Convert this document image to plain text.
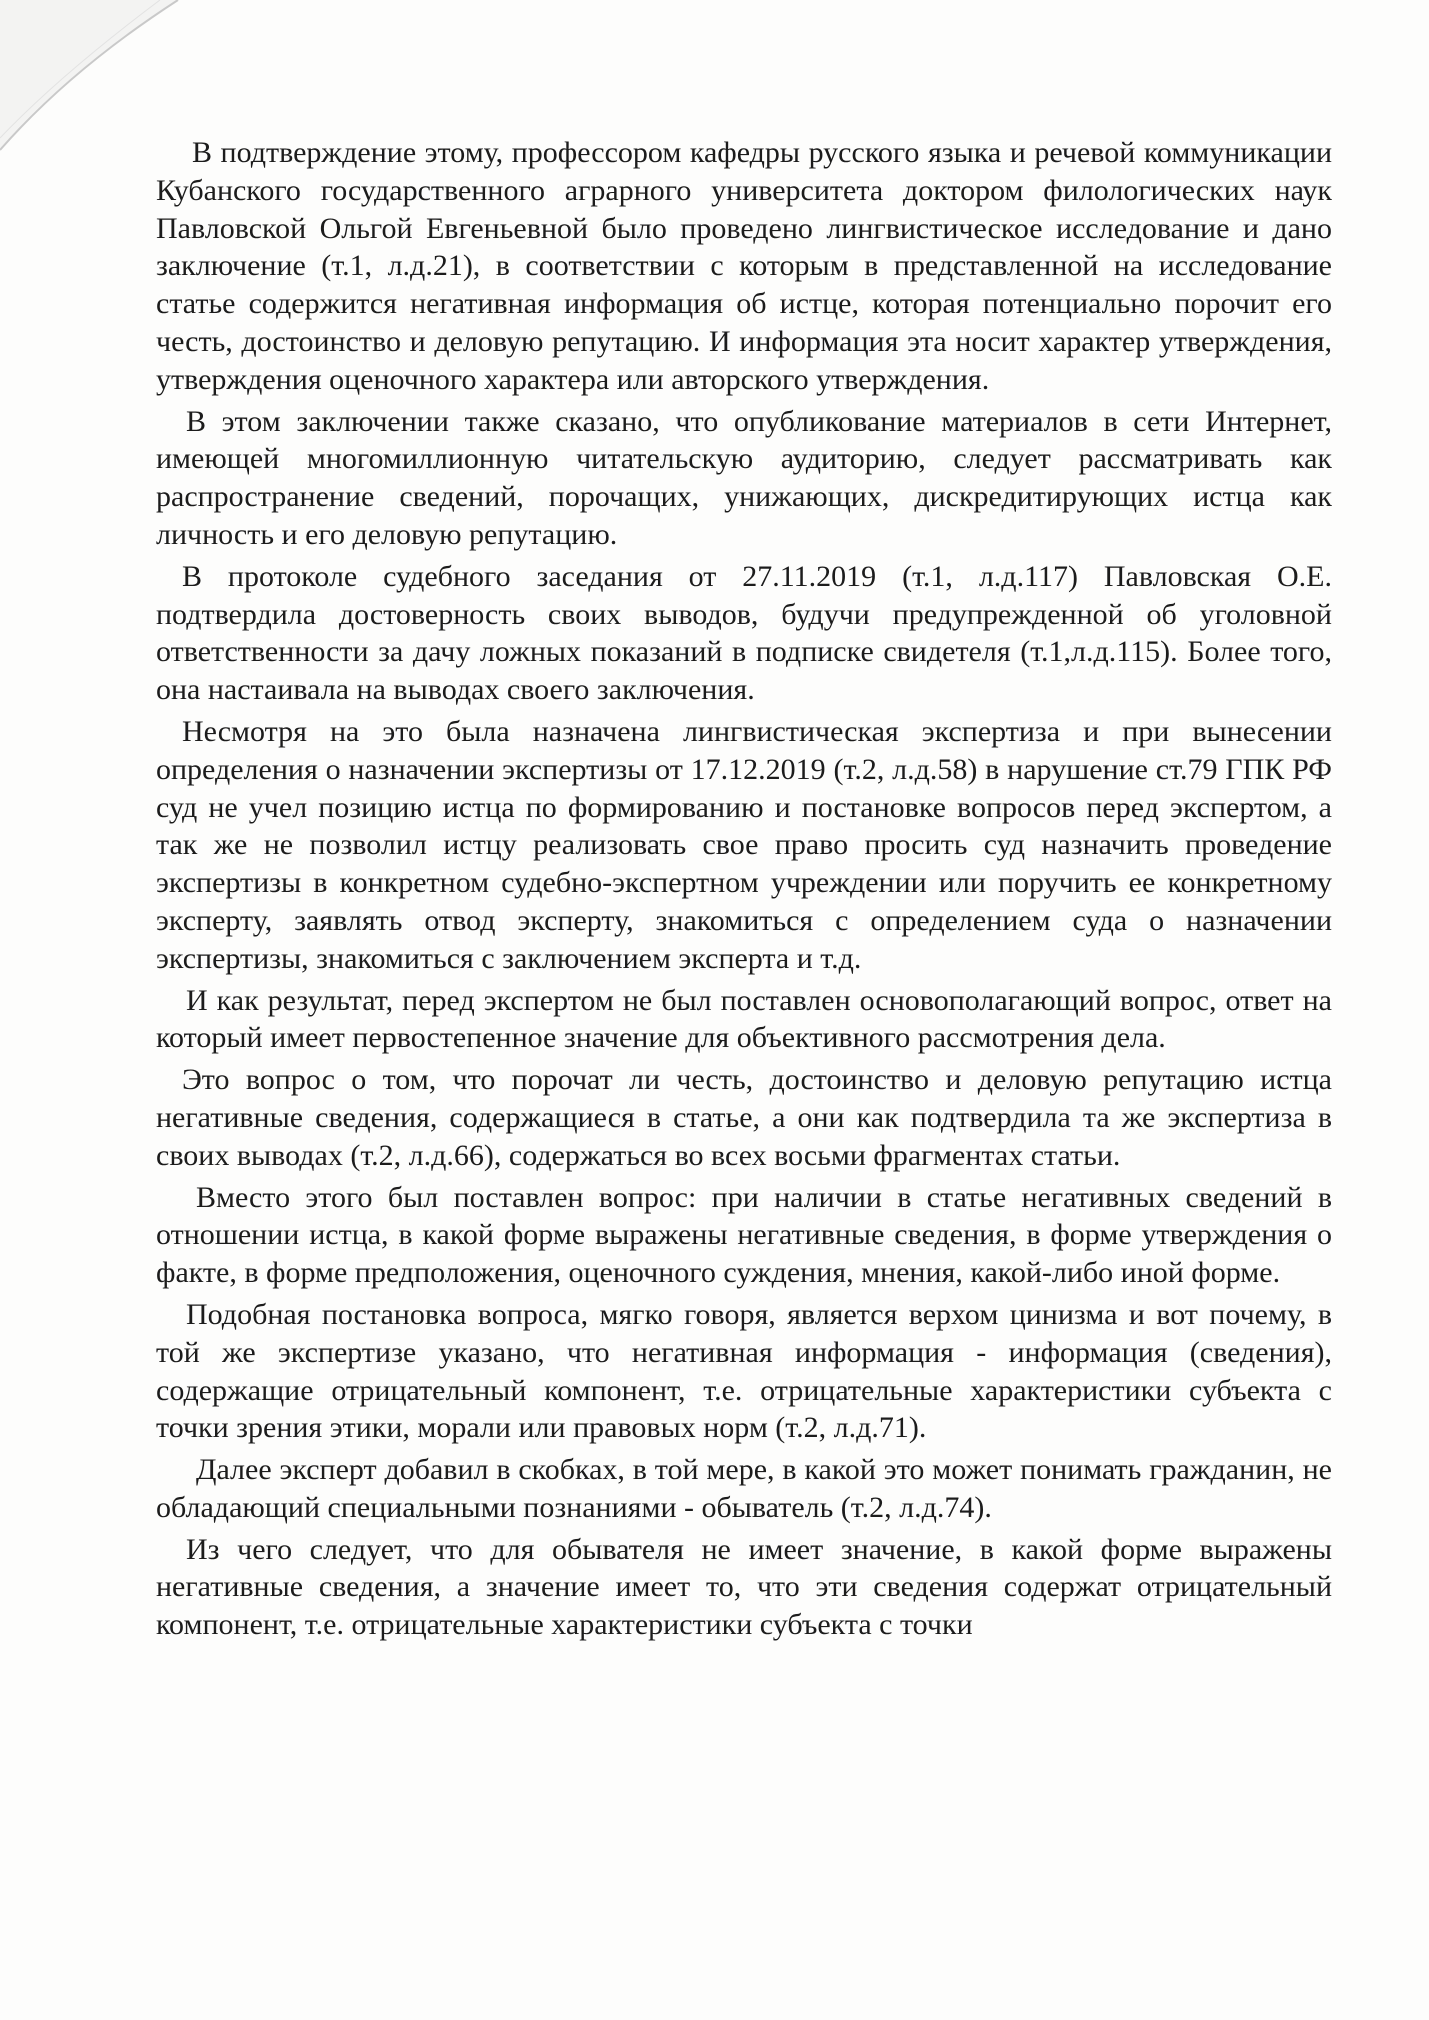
В подтверждение этому, профессором кафедры русского языка и речевой коммуникации Кубанского государственного аграрного университета доктором филологических наук Павловской Ольгой Евгеньевной было проведено лингвистическое исследование и дано заключение (т.1, л.д.21), в соответствии с которым в представленной на исследование статье содержится негативная информация об истце, которая потенциально порочит его честь, достоинство и деловую репутацию. И информация эта носит характер утверждения, утверждения оценочного характера или авторского утверждения.

В этом заключении также сказано, что опубликование материалов в сети Интернет, имеющей многомиллионную читательскую аудиторию, следует рассматривать как распространение сведений, порочащих, унижающих, дискредитирующих истца как личность и его деловую репутацию.

В протоколе судебного заседания от 27.11.2019 (т.1, л.д.117) Павловская О.Е. подтвердила достоверность своих выводов, будучи предупрежденной об уголовной ответственности за дачу ложных показаний в подписке свидетеля (т.1,л.д.115). Более того, она настаивала на выводах своего заключения.

Несмотря на это была назначена лингвистическая экспертиза и при вынесении определения о назначении экспертизы от 17.12.2019 (т.2, л.д.58) в нарушение ст.79 ГПК РФ суд не учел позицию истца по формированию и постановке вопросов перед экспертом, а так же не позволил истцу реализовать свое право просить суд назначить проведение экспертизы в конкретном судебно-экспертном учреждении или поручить ее конкретному эксперту, заявлять отвод эксперту, знакомиться с определением суда о назначении экспертизы, знакомиться с заключением эксперта и т.д.

И как результат, перед экспертом не был поставлен основополагающий вопрос, ответ на который имеет первостепенное значение для объективного рассмотрения дела.

Это вопрос о том, что порочат ли честь, достоинство и деловую репутацию истца негативные сведения, содержащиеся в статье, а они как подтвердила та же экспертиза в своих выводах (т.2, л.д.66), содержаться во всех восьми фрагментах статьи.

Вместо этого был поставлен вопрос: при наличии в статье негативных сведений в отношении истца, в какой форме выражены негативные сведения, в форме утверждения о факте, в форме предположения, оценочного суждения, мнения, какой-либо иной форме.

Подобная постановка вопроса, мягко говоря, является верхом цинизма и вот почему, в той же экспертизе указано, что негативная информация - информация (сведения), содержащие отрицательный компонент, т.е. отрицательные характеристики субъекта с точки зрения этики, морали или правовых норм (т.2, л.д.71).

Далее эксперт добавил в скобках, в той мере, в какой это может понимать гражданин, не обладающий специальными познаниями - обыватель (т.2, л.д.74).

Из чего следует, что для обывателя не имеет значение, в какой форме выражены негативные сведения, а значение имеет то, что эти сведения содержат отрицательный компонент, т.е. отрицательные характеристики субъекта с точки
